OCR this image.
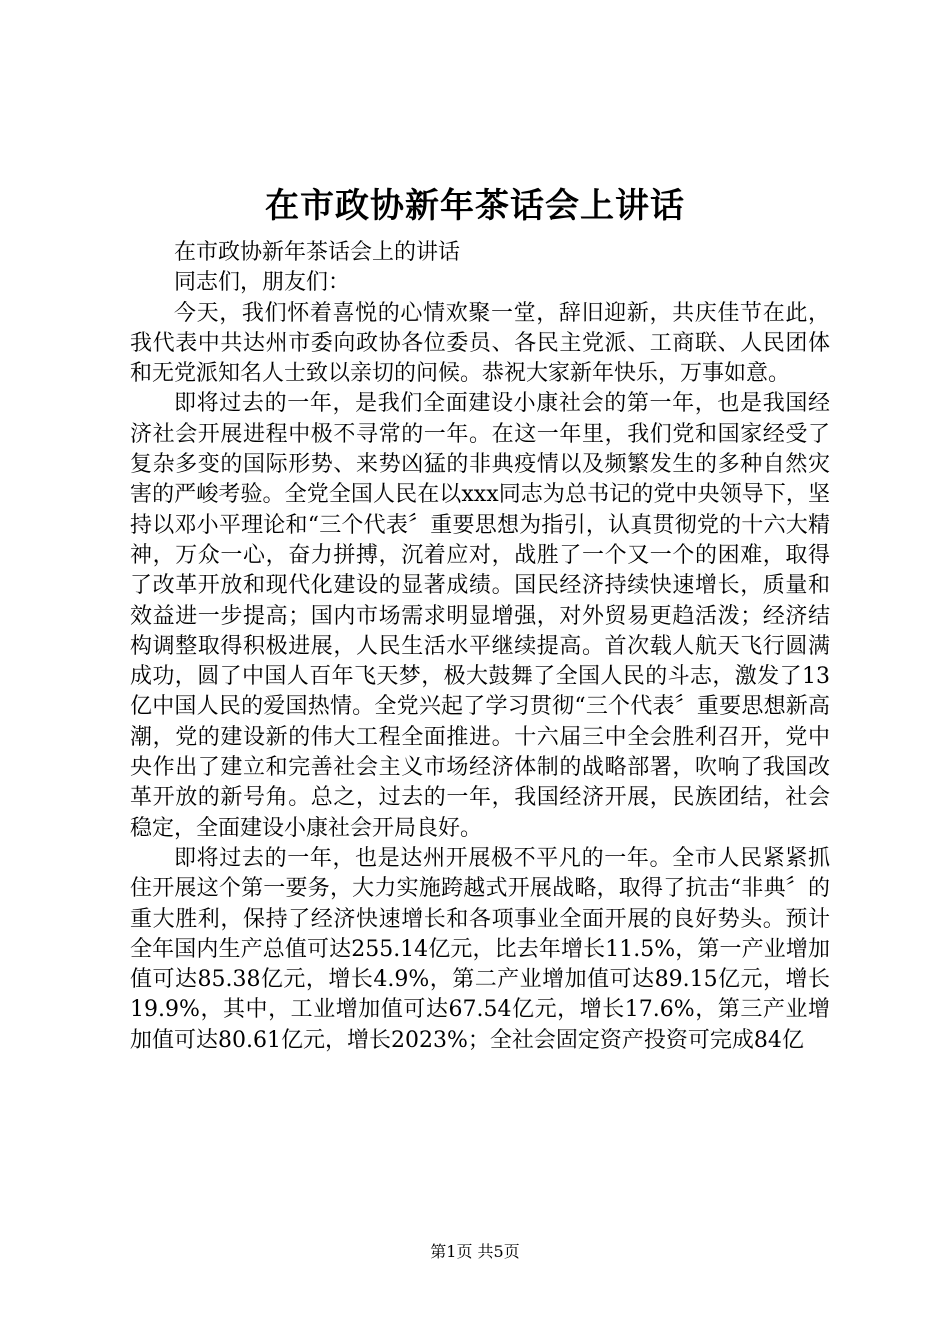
在市政协新年茶话会上讲话

在市政协新年茶话会上的讲话

同志们，朋友们：

今天，我们怀着喜悦的心情欢聚一堂，辞旧迎新，共庆佳节在此，我代表中共达州市委向政协各位委员、各民主党派、工商联、人民团体和无党派知名人士致以亲切的问候。恭祝大家新年快乐，万事如意。

即将过去的一年，是我们全面建设小康社会的第一年，也是我国经济社会开展进程中极不寻常的一年。在这一年里，我们党和国家经受了复杂多变的国际形势、来势凶猛的非典疫情以及频繁发生的多种自然灾害的严峻考验。全党全国人民在以xxx同志为总书记的党中央领导下，坚持以邓小平理论和“三个代表〞重要思想为指引，认真贯彻党的十六大精神，万众一心，奋力拼搏，沉着应对，战胜了一个又一个的困难，取得了改革开放和现代化建设的显著成绩。国民经济持续快速增长，质量和效益进一步提高；国内市场需求明显增强，对外贸易更趋活泼；经济结构调整取得积极进展，人民生活水平继续提高。首次载人航天飞行圆满成功，圆了中国人百年飞天梦，极大鼓舞了全国人民的斗志，激发了13亿中国人民的爱国热情。全党兴起了学习贯彻“三个代表〞重要思想新高潮，党的建设新的伟大工程全面推进。十六届三中全会胜利召开，党中央作出了建立和完善社会主义市场经济体制的战略部署，吹响了我国改革开放的新号角。总之，过去的一年，我国经济开展，民族团结，社会稳定，全面建设小康社会开局良好。

即将过去的一年，也是达州开展极不平凡的一年。全市人民紧紧抓住开展这个第一要务，大力实施跨越式开展战略，取得了抗击“非典〞的重大胜利，保持了经济快速增长和各项事业全面开展的良好势头。预计全年国内生产总值可达255.14亿元，比去年增长11.5%，第一产业增加值可达85.38亿元，增长4.9%，第二产业增加值可达89.15亿元，增长19.9%，其中，工业增加值可达67.54亿元，增长17.6%，第三产业增加值可达80.61亿元，增长2023%；全社会固定资产投资可完成84亿

第1页 共5页
